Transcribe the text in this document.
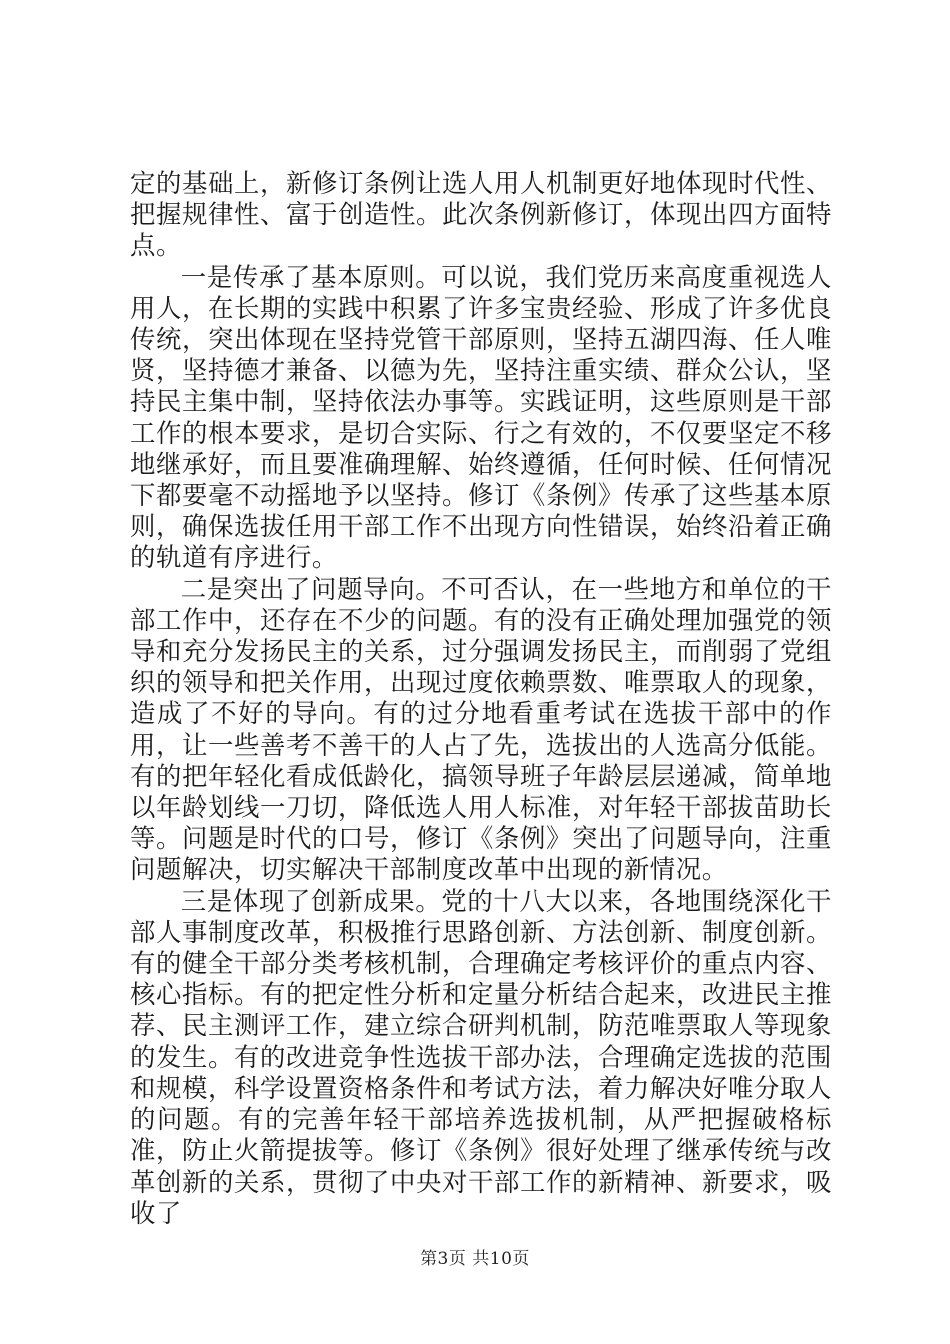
定的基础上，新修订条例让选人用人机制更好地体现时代性、把握规律性、富于创造性。此次条例新修订，体现出四方面特点。

一是传承了基本原则。可以说，我们党历来高度重视选人用人，在长期的实践中积累了许多宝贵经验、形成了许多优良传统，突出体现在坚持党管干部原则，坚持五湖四海、任人唯贤，坚持德才兼备、以德为先，坚持注重实绩、群众公认，坚持民主集中制，坚持依法办事等。实践证明，这些原则是干部工作的根本要求，是切合实际、行之有效的，不仅要坚定不移地继承好，而且要准确理解、始终遵循，任何时候、任何情况下都要毫不动摇地予以坚持。修订《条例》传承了这些基本原则，确保选拔任用干部工作不出现方向性错误，始终沿着正确的轨道有序进行。

二是突出了问题导向。不可否认，在一些地方和单位的干部工作中，还存在不少的问题。有的没有正确处理加强党的领导和充分发扬民主的关系，过分强调发扬民主，而削弱了党组织的领导和把关作用，出现过度依赖票数、唯票取人的现象，造成了不好的导向。有的过分地看重考试在选拔干部中的作用，让一些善考不善干的人占了先，选拔出的人选高分低能。有的把年轻化看成低龄化，搞领导班子年龄层层递减，简单地以年龄划线一刀切，降低选人用人标准，对年轻干部拔苗助长等。问题是时代的口号，修订《条例》突出了问题导向，注重问题解决，切实解决干部制度改革中出现的新情况。

三是体现了创新成果。党的十八大以来，各地围绕深化干部人事制度改革，积极推行思路创新、方法创新、制度创新。有的健全干部分类考核机制，合理确定考核评价的重点内容、核心指标。有的把定性分析和定量分析结合起来，改进民主推荐、民主测评工作，建立综合研判机制，防范唯票取人等现象的发生。有的改进竞争性选拔干部办法，合理确定选拔的范围和规模，科学设置资格条件和考试方法，着力解决好唯分取人的问题。有的完善年轻干部培养选拔机制，从严把握破格标准，防止火箭提拔等。修订《条例》很好处理了继承传统与改革创新的关系，贯彻了中央对干部工作的新精神、新要求，吸收了

第3页 共10页
